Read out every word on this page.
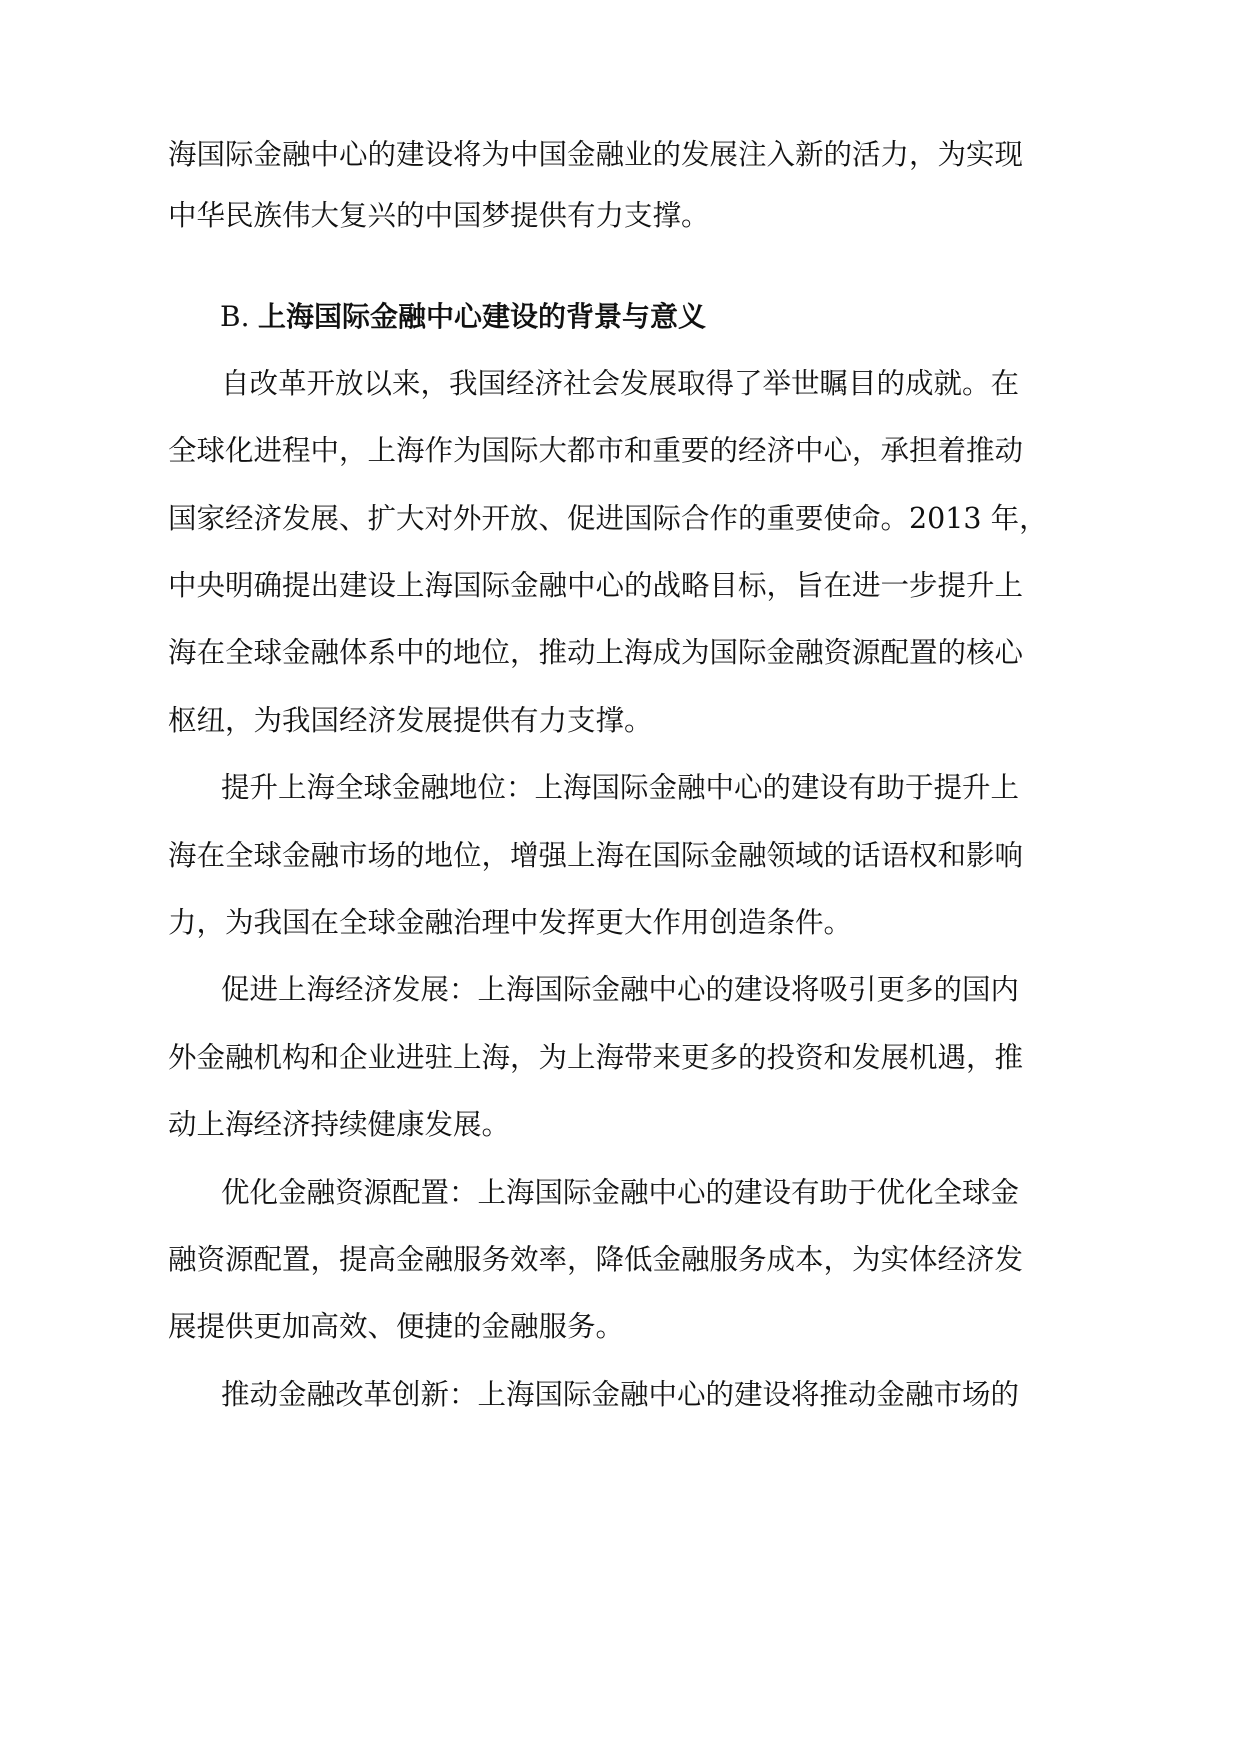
海国际金融中心的建设将为中国金融业的发展注入新的活力，为实现
中华民族伟大复兴的中国梦提供有力支撑。
B. 上海国际金融中心建设的背景与意义
自改革开放以来，我国经济社会发展取得了举世瞩目的成就。在
全球化进程中，上海作为国际大都市和重要的经济中心，承担着推动
国家经济发展、扩大对外开放、促进国际合作的重要使命。2013 年，
中央明确提出建设上海国际金融中心的战略目标，旨在进一步提升上
海在全球金融体系中的地位，推动上海成为国际金融资源配置的核心
枢纽，为我国经济发展提供有力支撑。
提升上海全球金融地位：上海国际金融中心的建设有助于提升上
海在全球金融市场的地位，增强上海在国际金融领域的话语权和影响
力，为我国在全球金融治理中发挥更大作用创造条件。
促进上海经济发展：上海国际金融中心的建设将吸引更多的国内
外金融机构和企业进驻上海，为上海带来更多的投资和发展机遇，推
动上海经济持续健康发展。
优化金融资源配置：上海国际金融中心的建设有助于优化全球金
融资源配置，提高金融服务效率，降低金融服务成本，为实体经济发
展提供更加高效、便捷的金融服务。
推动金融改革创新：上海国际金融中心的建设将推动金融市场的
